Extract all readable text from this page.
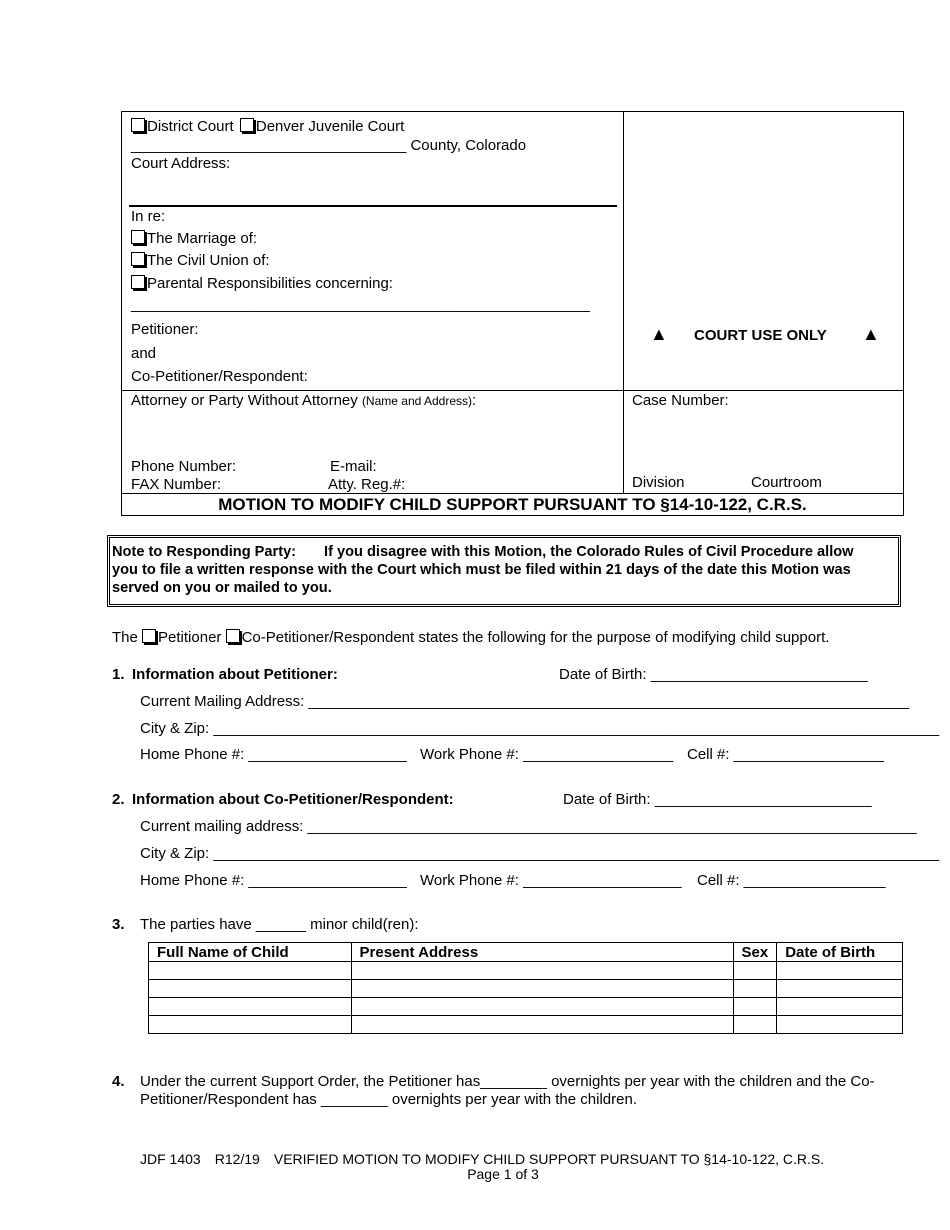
District Court Denver Juvenile Court
_________________________________ County, Colorado
Court Address:
In re:
The Marriage of:
The Civil Union of:
Parental Responsibilities concerning:
_______________________________________________________
Petitioner:
and
Co-Petitioner/Respondent:
▲ COURT USE ONLY ▲
Attorney or Party Without Attorney (Name and Address):
Phone Number:	E-mail:
FAX Number:	Atty. Reg.#:
Case Number:
Division	Courtroom
MOTION TO MODIFY CHILD SUPPORT PURSUANT TO §14-10-122, C.R.S.
Note to Responding Party: If you disagree with this Motion, the Colorado Rules of Civil Procedure allow
you to file a written response with the Court which must be filed within 21 days of the date this Motion was
served on you or mailed to you.
The Petitioner Co-Petitioner/Respondent states the following for the purpose of modifying child support.
1. Information about Petitioner:	Date of Birth: __________________________
Current Mailing Address: ________________________________________________________________________
City & Zip: _______________________________________________________________________________________
Home Phone #: ___________________ Work Phone #: __________________ Cell #: __________________
2. Information about Co-Petitioner/Respondent:	Date of Birth: __________________________
Current mailing address: _________________________________________________________________________
City & Zip: _______________________________________________________________________________________
Home Phone #: ___________________ Work Phone #: ___________________ Cell #: _________________
3. The parties have ______ minor child(ren):
Full Name of Child	Present Address	Sex	Date of Birth

4. Under the current Support Order, the Petitioner has________ overnights per year with the children and the Co-
Petitioner/Respondent has ________ overnights per year with the children.
JDF 1403 R12/19 VERIFIED MOTION TO MODIFY CHILD SUPPORT PURSUANT TO §14-10-122, C.R.S.
Page 1 of 3
